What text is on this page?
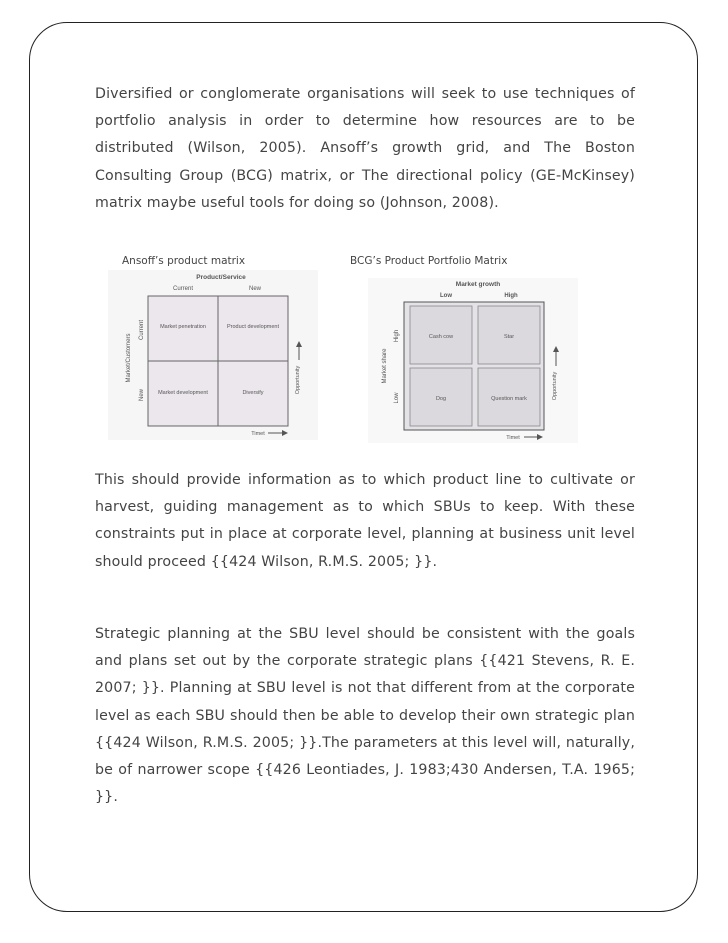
Diversified or conglomerate organisations will seek to use techniques of portfolio analysis in order to determine how resources are to be distributed (Wilson, 2005). Ansoff’s growth grid, and The Boston Consulting Group (BCG) matrix, or The directional policy (GE-McKinsey) matrix maybe useful tools for doing so (Johnson, 2008).

Ansoff’s product matrix	BCG’s Product Portfolio Matrix
Product/Service
Current	New
Market/Customers
Current
New
Market penetration	Product development
Market development	Diversify	Opportunity
Timet
Market growth
Low	High
Market share
High
Low
Cash cow	Star
Dog	Question mark	Opportunity
Timet

This should provide information as to which product line to cultivate or harvest, guiding management as to which SBUs to keep. With these constraints put in place at corporate level, planning at business unit level should proceed {{424 Wilson, R.M.S. 2005; }}.

Strategic planning at the SBU level should be consistent with the goals and plans set out by the corporate strategic plans {{421 Stevens, R. E. 2007; }}. Planning at SBU level is not that different from at the corporate level as each SBU should then be able to develop their own strategic plan {{424 Wilson, R.M.S. 2005; }}.The parameters at this level will, naturally, be of narrower scope {{426 Leontiades, J. 1983;430 Andersen, T.A. 1965; }}.
